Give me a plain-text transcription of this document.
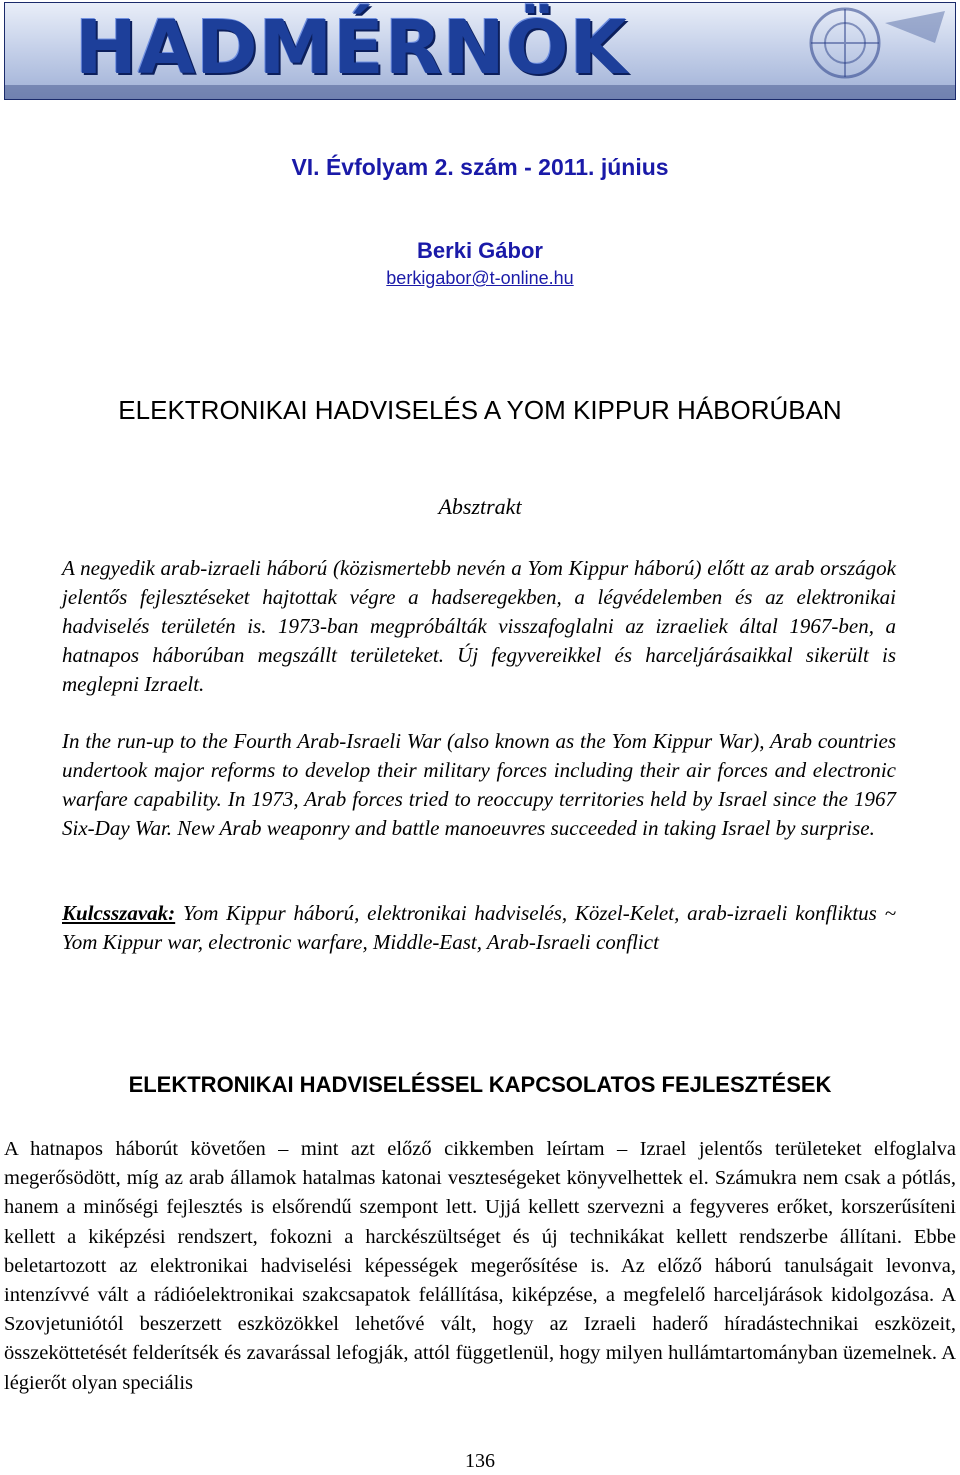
HADMÉRNÖK
VI. Évfolyam 2. szám - 2011. június
Berki Gábor
berkigabor@t-online.hu
ELEKTRONIKAI HADVISELÉS A YOM KIPPUR HÁBORÚBAN
Absztrakt

A negyedik arab-izraeli háború (közismertebb nevén a Yom Kippur háború) előtt az arab országok jelentős fejlesztéseket hajtottak végre a hadseregekben, a légvédelemben és az elektronikai hadviselés területén is. 1973-ban megpróbálták visszafoglalni az izraeliek által 1967-ben, a hatnapos háborúban megszállt területeket. Új fegyvereikkel és harceljárásaikkal sikerült is meglepni Izraelt.

In the run-up to the Fourth Arab-Israeli War (also known as the Yom Kippur War), Arab countries undertook major reforms to develop their military forces including their air forces and electronic warfare capability. In 1973, Arab forces tried to reoccupy territories held by Israel since the 1967 Six-Day War. New Arab weaponry and battle manoeuvres succeeded in taking Israel by surprise.

Kulcsszavak: Yom Kippur háború, elektronikai hadviselés, Közel-Kelet, arab-izraeli konfliktus ~ Yom Kippur war, electronic warfare, Middle-East, Arab-Israeli conflict

ELEKTRONIKAI HADVISELÉSSEL KAPCSOLATOS FEJLESZTÉSEK

A hatnapos háborút követően – mint azt előző cikkemben leírtam – Izrael jelentős területeket elfoglalva megerősödött, míg az arab államok hatalmas katonai veszteségeket könyvelhettek el. Számukra nem csak a pótlás, hanem a minőségi fejlesztés is elsőrendű szempont lett. Ujjá kellett szervezni a fegyveres erőket, korszerűsíteni kellett a kiképzési rendszert, fokozni a harckészültséget és új technikákat kellett rendszerbe állítani. Ebbe beletartozott az elektronikai hadviselési képességek megerősítése is. Az előző háború tanulságait levonva, intenzívvé vált a rádióelektronikai szakcsapatok felállítása, kiképzése, a megfelelő harceljárások kidolgozása. A Szovjetuniótól beszerzett eszközökkel lehetővé vált, hogy az Izraeli haderő híradástechnikai eszközeit, összeköttetését felderítsék és zavarással lefogják, attól függetlenül, hogy milyen hullámtartományban üzemelnek. A légierőt olyan speciális

136
